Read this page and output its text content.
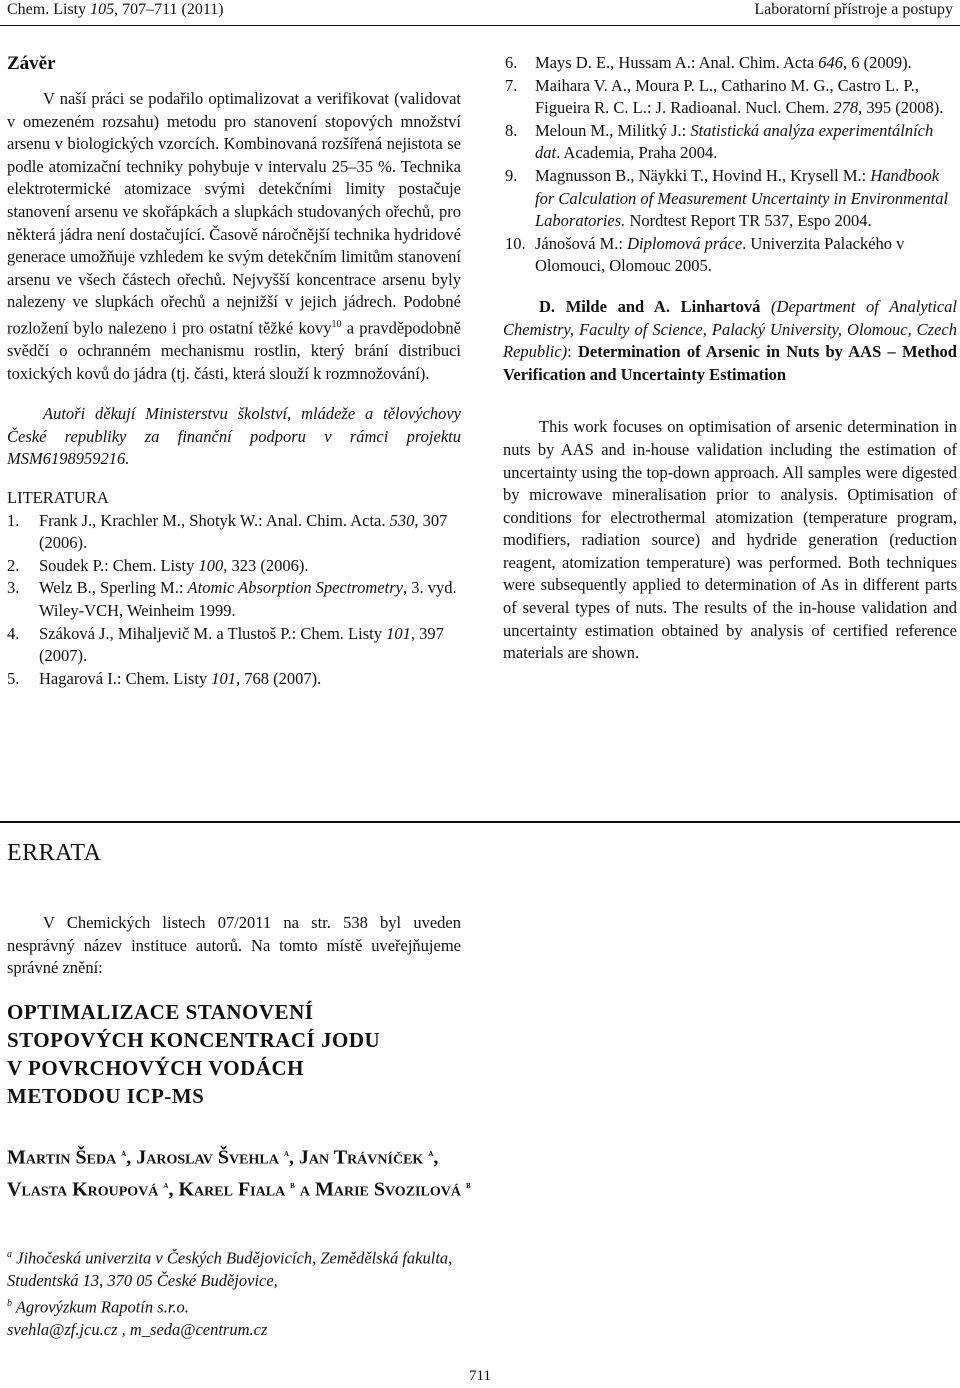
Chem. Listy 105, 707–711 (2011)	Laboratorní přístroje a postupy
Závěr

V naší práci se podařilo optimalizovat a verifikovat (validovat v omezeném rozsahu) metodu pro stanovení stopových množství arsenu v biologických vzorcích. Kombinovaná rozšířená nejistota se podle atomizační techniky pohybuje v intervalu 25–35 %. Technika elektrotermické atomizace svými detekčními limity postačuje stanovení arsenu ve skořápkách a slupkách studovaných ořechů, pro některá jádra není dostačující. Časově náročnější technika hydridové generace umožňuje vzhledem ke svým detekčním limitům stanovení arsenu ve všech částech ořechů. Nejvyšší koncentrace arsenu byly nalezeny ve slupkách ořechů a nejnižší v jejich jádrech. Podobné rozložení bylo nalezeno i pro ostatní těžké kovy$^{10}$ a pravděpodobně svědčí o ochranném mechanismu rostlin, který brání distribuci toxických kovů do jádra (tj. části, která slouží k rozmnožování).

Autoři děkují Ministerstvu školství, mládeže a tělovýchovy České republiky za finanční podporu v rámci projektu MSM6198959216.

LITERATURA
1. Frank J., Krachler M., Shotyk W.: Anal. Chim. Acta. 530, 307 (2006).
2. Soudek P.: Chem. Listy 100, 323 (2006).
3. Welz B., Sperling M.: Atomic Absorption Spectrometry, 3. vyd. Wiley-VCH, Weinheim 1999.
4. Száková J., Mihaljevič M. a Tlustoš P.: Chem. Listy 101, 397 (2007).
5. Hagarová I.: Chem. Listy 101, 768 (2007).
6. Mays D. E., Hussam A.: Anal. Chim. Acta 646, 6 (2009).
7. Maihara V. A., Moura P. L., Catharino M. G., Castro L. P., Figueira R. C. L.: J. Radioanal. Nucl. Chem. 278, 395 (2008).
8. Meloun M., Militký J.: Statistická analýza experimentálních dat. Academia, Praha 2004.
9. Magnusson B., Näykki T., Hovind H., Krysell M.: Handbook for Calculation of Measurement Uncertainty in Environmental Laboratories. Nordtest Report TR 537, Espo 2004.
10. Jánošová M.: Diplomová práce. Univerzita Palackého v Olomouci, Olomouc 2005.

D. Milde and A. Linhartová (Department of Analytical Chemistry, Faculty of Science, Palacký University, Olomouc, Czech Republic): Determination of Arsenic in Nuts by AAS – Method Verification and Uncertainty Estimation

This work focuses on optimisation of arsenic determination in nuts by AAS and in-house validation including the estimation of uncertainty using the top-down approach. All samples were digested by microwave mineralisation prior to analysis. Optimisation of conditions for electrothermal atomization (temperature program, modifiers, radiation source) and hydride generation (reduction reagent, atomization temperature) was performed. Both techniques were subsequently applied to determination of As in different parts of several types of nuts. The results of the in-house validation and uncertainty estimation obtained by analysis of certified reference materials are shown.

ERRATA

V Chemických listech 07/2011 na str. 538 byl uveden nesprávný název instituce autorů. Na tomto místě uveřejňujeme správné znění:

OPTIMALIZACE STANOVENÍ
STOPOVÝCH KONCENTRACÍ JODU
V POVRCHOVÝCH VODÁCH
METODOU ICP-MS
Martin Šeda $^a$, Jaroslav Švehla $^a$, Jan Trávníček $^a$, Vlasta Kroupová $^a$, Karel Fiala $^b$ a Marie Svozilová $^b$
$^a$ Jihočeská univerzita v Českých Budějovicích, Zemědělská fakulta, Studentská 13, 370 05 České Budějovice,
$^b$ Agrovýzkum Rapotín s.r.o.
svehla@zf.jcu.cz , m_seda@centrum.cz
711
